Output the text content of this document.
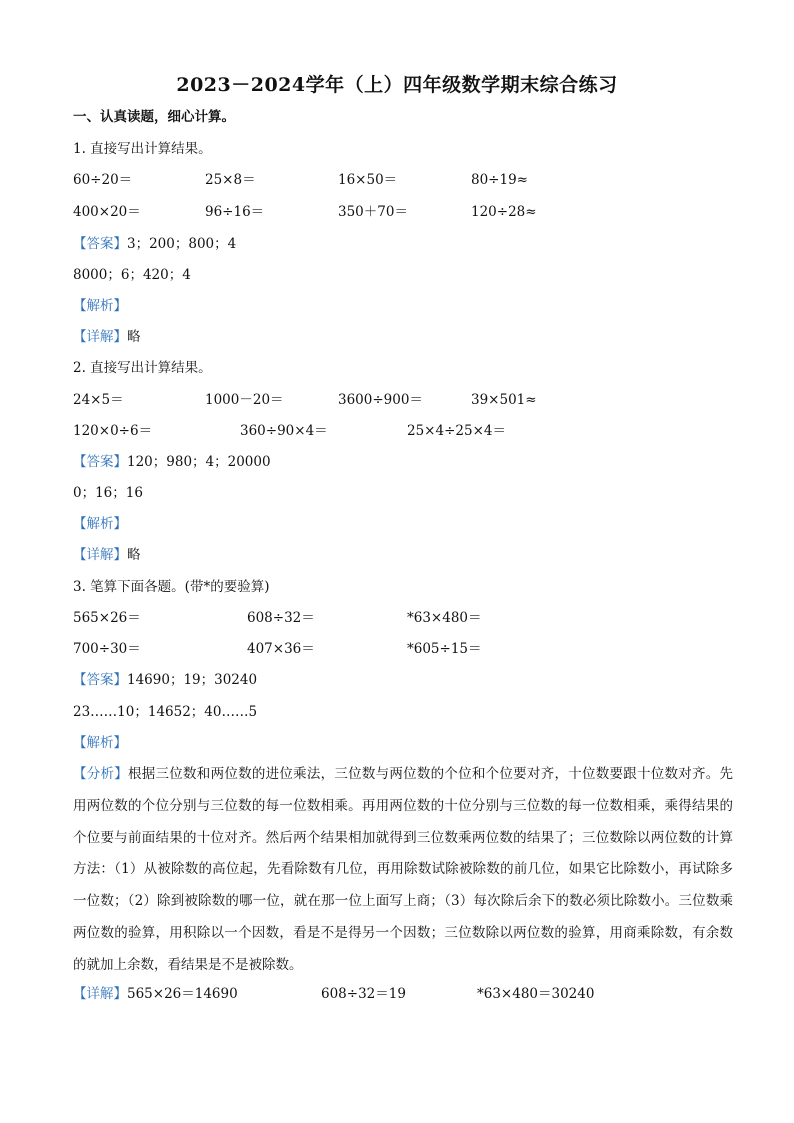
2023－2024学年（上）四年级数学期末综合练习
一、认真读题，细心计算。
1. 直接写出计算结果。
60÷20＝	25×8＝	16×50＝	80÷19≈
400×20＝	96÷16＝	350＋70＝	120÷28≈
【答案】3；200；800；4
8000；6；420；4
【解析】
【详解】略
2. 直接写出计算结果。
24×5＝	1000－20＝	3600÷900＝	39×501≈
120×0÷6＝	360÷90×4＝	25×4÷25×4＝
【答案】120；980；4；20000
0；16；16
【解析】
【详解】略
3. 笔算下面各题。(带*的要验算)
565×26＝	608÷32＝	*63×480＝
700÷30＝	407×36＝	*605÷15＝
【答案】14690；19；30240
23……10；14652；40……5
【解析】
【分析】根据三位数和两位数的进位乘法，三位数与两位数的个位和个位要对齐，十位数要跟十位数对齐。先用两位数的个位分别与三位数的每一位数相乘。再用两位数的十位分别与三位数的每一位数相乘，乘得结果的个位要与前面结果的十位对齐。然后两个结果相加就得到三位数乘两位数的结果了；三位数除以两位数的计算方法：（1）从被除数的高位起，先看除数有几位，再用除数试除被除数的前几位，如果它比除数小，再试除多一位数；（2）除到被除数的哪一位，就在那一位上面写上商；（3）每次除后余下的数必须比除数小。三位数乘两位数的验算，用积除以一个因数，看是不是得另一个因数；三位数除以两位数的验算，用商乘除数，有余数的就加上余数，看结果是不是被除数。
【详解】565×26＝14690	608÷32＝19	*63×480＝30240
